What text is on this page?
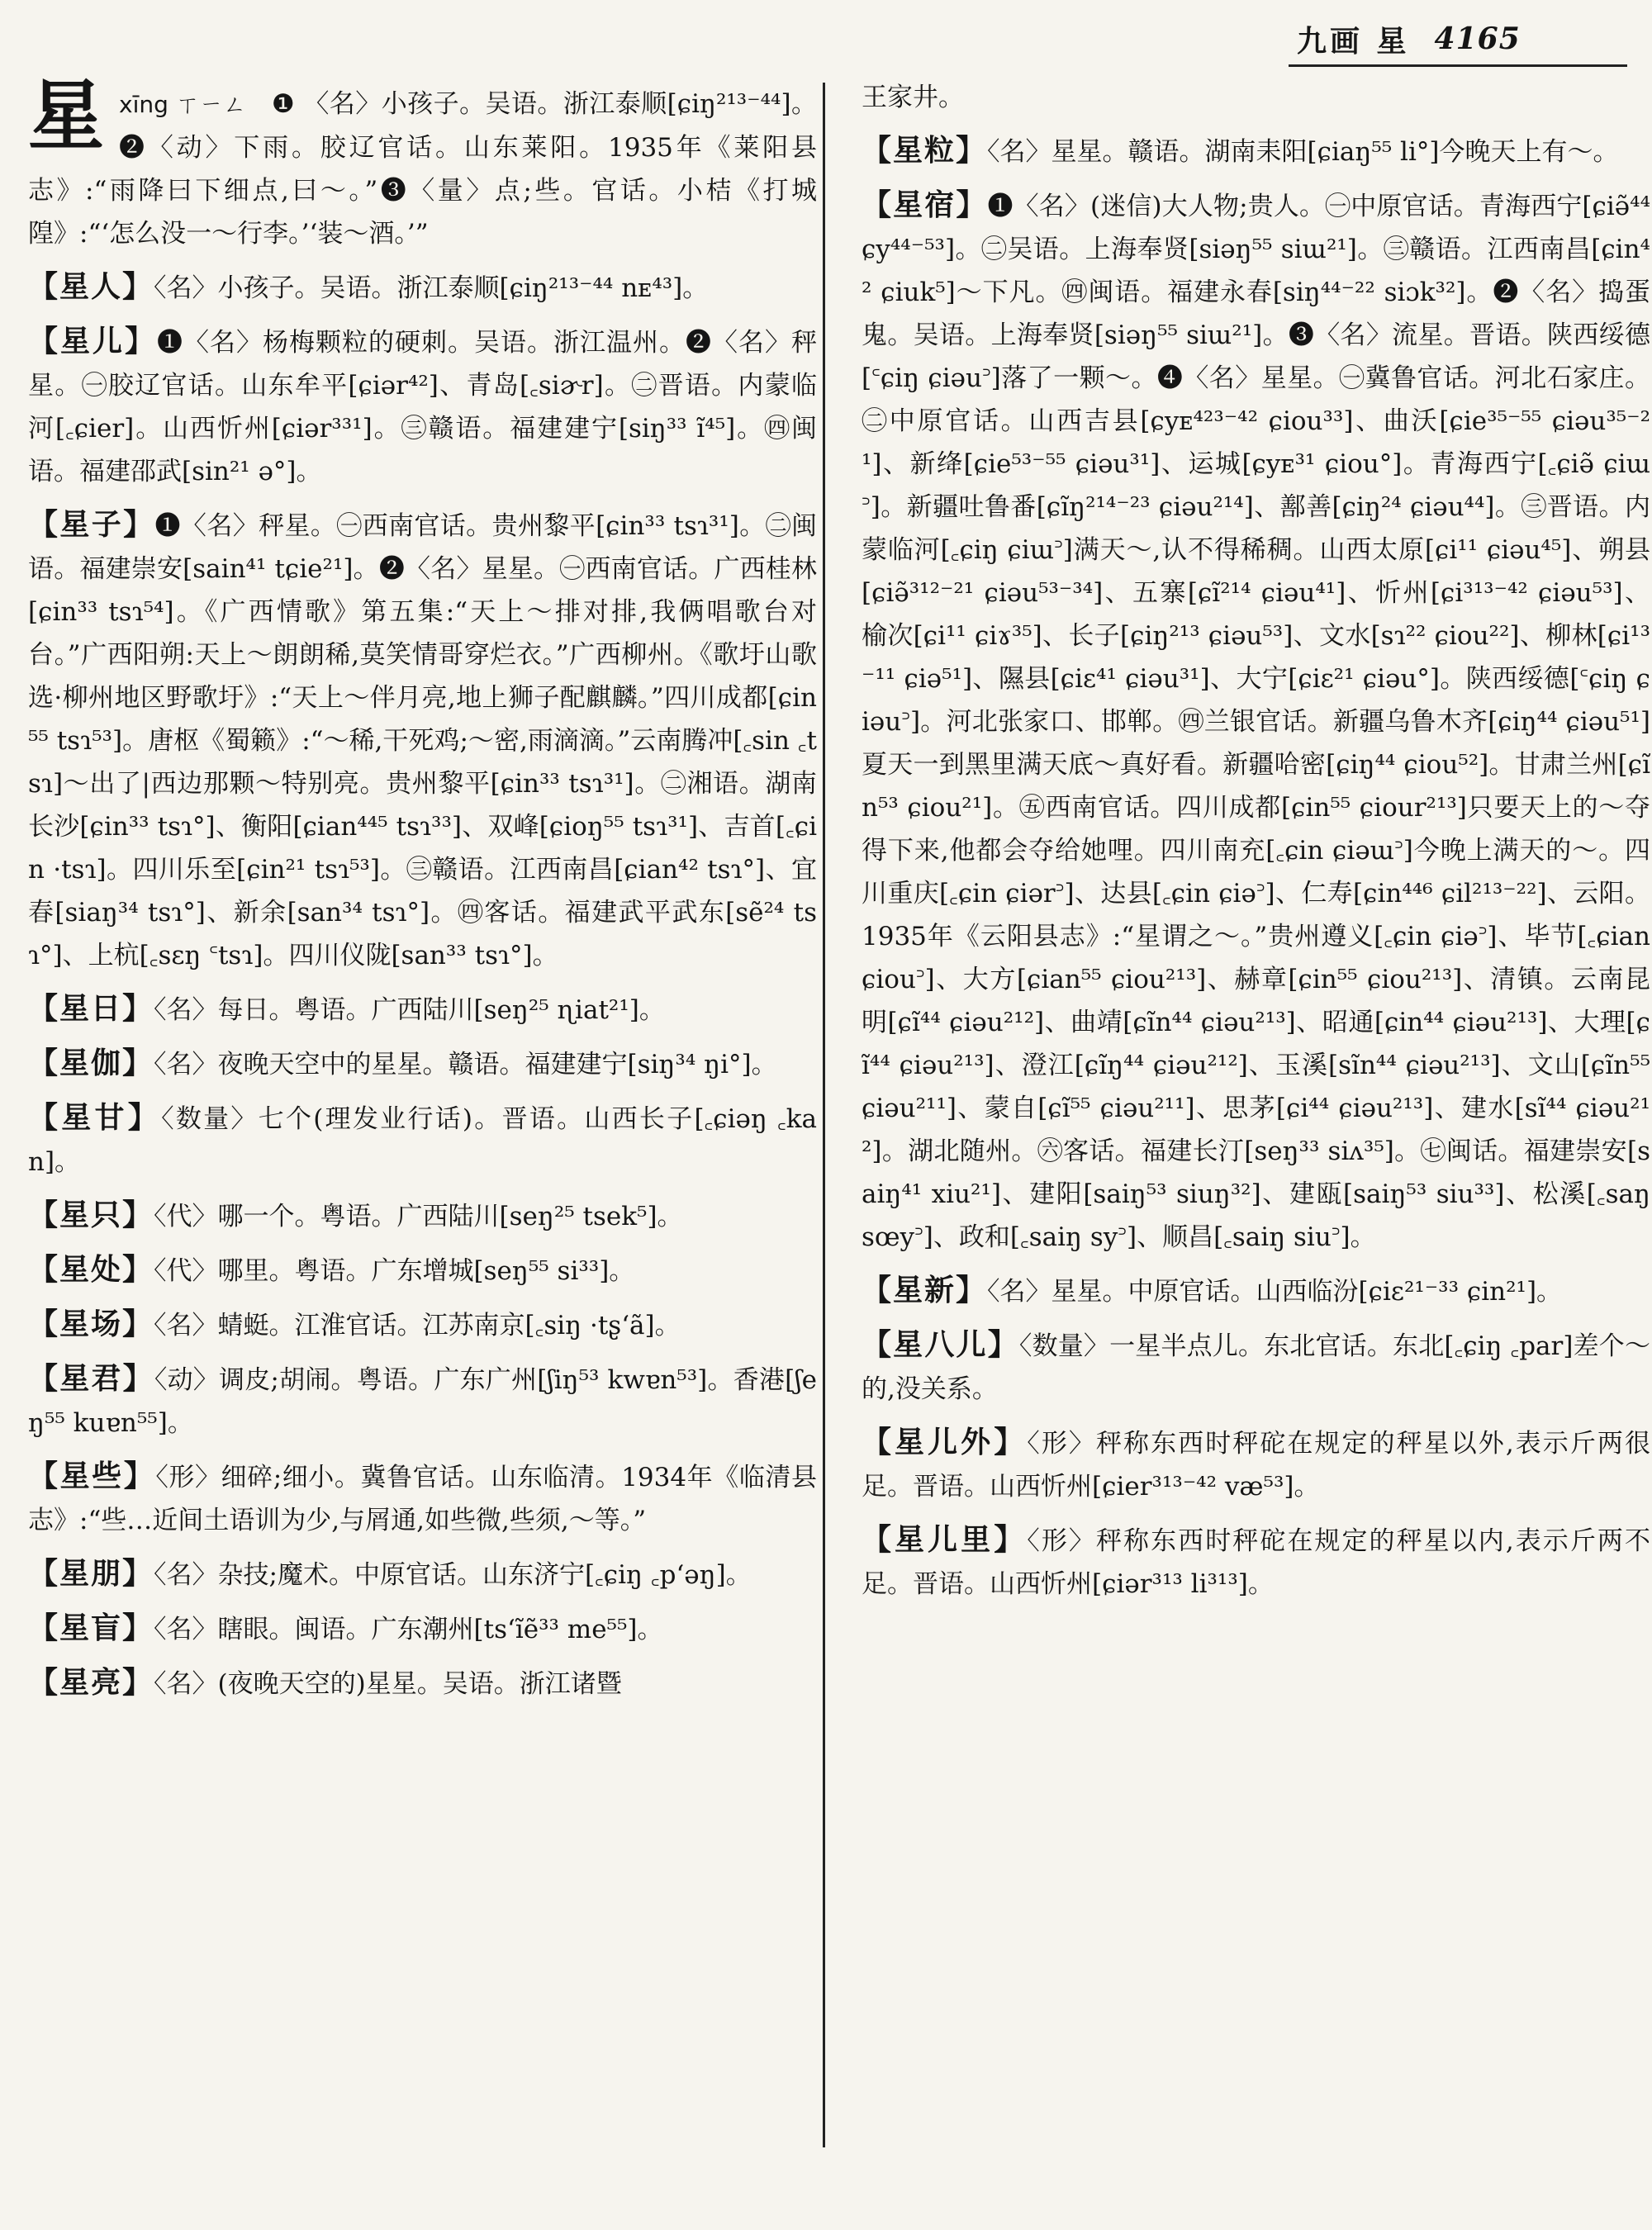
九画 星 4165

星 xīng ㄒㄧㄥ ❶ 〈名〉小孩子。吴语。浙江泰顺[ɕiŋ²¹³⁻⁴⁴]。❷〈动〉下雨。胶辽官话。山东莱阳。1935年《莱阳县志》:“雨降曰下细点,曰～。”❸〈量〉点;些。官话。小桔《打城隍》:“‘怎么没一～行李。’‘装～酒。’”

【星人】〈名〉小孩子。吴语。浙江泰顺[ɕiŋ²¹³⁻⁴⁴ nᴇ⁴³]。

【星儿】❶〈名〉杨梅颗粒的硬刺。吴语。浙江温州。❷〈名〉秤星。㊀胶辽官话。山东牟平[ɕiər⁴²]、青岛[꜀siɚr]。㊁晋语。内蒙临河[꜀ɕier]。山西忻州[ɕiər³³¹]。㊂赣语。福建建宁[siŋ³³ ĩ⁴⁵]。㊃闽语。福建邵武[sin²¹ ə°]。

【星子】❶〈名〉秤星。㊀西南官话。贵州黎平[ɕin³³ tsɿ³¹]。㊁闽语。福建崇安[sain⁴¹ tɕie²¹]。❷〈名〉星星。㊀西南官话。广西桂林[ɕin³³ tsɿ⁵⁴]。《广西情歌》第五集:“天上～排对排,我俩唱歌台对台。”广西阳朔:天上～朗朗稀,莫笑情哥穿烂衣。”广西柳州。《歌圩山歌选·柳州地区野歌圩》:“天上～伴月亮,地上狮子配麒麟。”四川成都[ɕin⁵⁵ tsɿ⁵³]。唐枢《蜀籁》:“～稀,干死鸡;～密,雨滴滴。”云南腾冲[꜀sin ꜀tsɿ]～出了|西边那颗～特别亮。贵州黎平[ɕin³³ tsɿ³¹]。㊁湘语。湖南长沙[ɕin³³ tsɿ°]、衡阳[ɕian⁴⁴⁵ tsɿ³³]、双峰[ɕioŋ⁵⁵ tsɿ³¹]、吉首[꜀ɕin ·tsɿ]。四川乐至[ɕin²¹ tsɿ⁵³]。㊂赣语。江西南昌[ɕian⁴² tsɿ°]、宜春[siaŋ³⁴ tsɿ°]、新余[san³⁴ tsɿ°]。㊃客话。福建武平武东[sẽ²⁴ tsɿ°]、上杭[꜀sɛŋ ꜂tsɿ]。四川仪陇[san³³ tsɿ°]。

【星日】〈名〉每日。粤语。广西陆川[seŋ²⁵ ɳiat²¹]。

【星伽】〈名〉夜晚天空中的星星。赣语。福建建宁[siŋ³⁴ ŋi°]。

【星甘】〈数量〉七个(理发业行话)。晋语。山西长子[꜀ɕiəŋ ꜀kan]。

【星只】〈代〉哪一个。粤语。广西陆川[seŋ²⁵ tsek⁵]。

【星处】〈代〉哪里。粤语。广东增城[seŋ⁵⁵ si³³]。

【星场】〈名〉蜻蜓。江淮官话。江苏南京[꜀siŋ ·tʂ‘ã]。

【星君】〈动〉调皮;胡闹。粤语。广东广州[ʃiŋ⁵³ kwɐn⁵³]。香港[ʃeŋ⁵⁵ kuɐn⁵⁵]。

【星些】〈形〉细碎;细小。冀鲁官话。山东临清。1934年《临清县志》:“些…近间土语训为少,与屑通,如些微,些须,～等。”

【星朋】〈名〉杂技;魔术。中原官话。山东济宁[꜀ɕiŋ ꜀p‘əŋ]。

【星盲】〈名〉瞎眼。闽语。广东潮州[ts‘ĩẽ³³ me⁵⁵]。

【星亮】〈名〉(夜晚天空的)星星。吴语。浙江诸暨

王家井。

【星粒】〈名〉星星。赣语。湖南耒阳[ɕiaŋ⁵⁵ li°]今晚天上有～。

【星宿】❶〈名〉(迷信)大人物;贵人。㊀中原官话。青海西宁[ɕiə̃⁴⁴ ɕy⁴⁴⁻⁵³]。㊁吴语。上海奉贤[siəŋ⁵⁵ siɯ²¹]。㊂赣语。江西南昌[ɕin⁴² ɕiuk⁵]～下凡。㊃闽语。福建永春[siŋ⁴⁴⁻²² siɔk³²]。❷〈名〉捣蛋鬼。吴语。上海奉贤[siəŋ⁵⁵ siɯ²¹]。❸〈名〉流星。晋语。陕西绥德[꜂ɕiŋ ɕiəu꜄]落了一颗～。❹〈名〉星星。㊀冀鲁官话。河北石家庄。㊁中原官话。山西吉县[ɕyᴇ⁴²³⁻⁴² ɕiou³³]、曲沃[ɕie³⁵⁻⁵⁵ ɕiəu³⁵⁻²¹]、新绛[ɕie⁵³⁻⁵⁵ ɕiəu³¹]、运城[ɕyᴇ³¹ ɕiou°]。青海西宁[꜀ɕiə̃ ɕiɯ꜄]。新疆吐鲁番[ɕĩŋ²¹⁴⁻²³ ɕiəu²¹⁴]、鄯善[ɕiŋ²⁴ ɕiəu⁴⁴]。㊂晋语。内蒙临河[꜀ɕiŋ ɕiɯ꜄]满天～,认不得稀稠。山西太原[ɕi¹¹ ɕiəu⁴⁵]、朔县[ɕiə̃³¹²⁻²¹ ɕiəu⁵³⁻³⁴]、五寨[ɕĩ²¹⁴ ɕiəu⁴¹]、忻州[ɕi³¹³⁻⁴² ɕiəu⁵³]、榆次[ɕi¹¹ ɕiɤ³⁵]、长子[ɕiŋ²¹³ ɕiəu⁵³]、文水[sɿ²² ɕiou²²]、柳林[ɕi¹³⁻¹¹ ɕiə⁵¹]、隰县[ɕiɛ⁴¹ ɕiəu³¹]、大宁[ɕiɛ²¹ ɕiəu°]。陕西绥德[꜂ɕiŋ ɕiəu꜄]。河北张家口、邯郸。㊃兰银官话。新疆乌鲁木齐[ɕiŋ⁴⁴ ɕiəu⁵¹]夏天一到黑里满天底～真好看。新疆哈密[ɕiŋ⁴⁴ ɕiou⁵²]。甘肃兰州[ɕĩn⁵³ ɕiou²¹]。㊄西南官话。四川成都[ɕin⁵⁵ ɕiour²¹³]只要天上的～夺得下来,他都会夺给她哩。四川南充[꜀ɕin ɕiəɯ꜄]今晚上满天的～。四川重庆[꜀ɕin ɕiər꜄]、达县[꜀ɕin ɕiə꜄]、仁寿[ɕin⁴⁴⁶ ɕil²¹³⁻²²]、云阳。1935年《云阳县志》:“星谓之～。”贵州遵义[꜀ɕin ɕiə꜄]、毕节[꜀ɕian ɕiou꜄]、大方[ɕian⁵⁵ ɕiou²¹³]、赫章[ɕin⁵⁵ ɕiou²¹³]、清镇。云南昆明[ɕĩ⁴⁴ ɕiəu²¹²]、曲靖[ɕĩn⁴⁴ ɕiəu²¹³]、昭通[ɕin⁴⁴ ɕiəu²¹³]、大理[ɕĩ⁴⁴ ɕiəu²¹³]、澄江[ɕĩŋ⁴⁴ ɕiəu²¹²]、玉溪[sĩn⁴⁴ ɕiəu²¹³]、文山[ɕĩn⁵⁵ ɕiəu²¹¹]、蒙自[ɕĩ⁵⁵ ɕiəu²¹¹]、思茅[ɕi⁴⁴ ɕiəu²¹³]、建水[sĩ⁴⁴ ɕiəu²¹²]。湖北随州。㊅客话。福建长汀[seŋ³³ siʌ³⁵]。㊆闽话。福建崇安[saiŋ⁴¹ xiu²¹]、建阳[saiŋ⁵³ siuŋ³²]、建瓯[saiŋ⁵³ siu³³]、松溪[꜀saŋ sœy꜄]、政和[꜀saiŋ sy꜄]、顺昌[꜀saiŋ siu꜄]。

【星新】〈名〉星星。中原官话。山西临汾[ɕiɛ²¹⁻³³ ɕin²¹]。

【星八儿】〈数量〉一星半点儿。东北官话。东北[꜀ɕiŋ ꜀par]差个～的,没关系。

【星儿外】〈形〉秤称东西时秤砣在规定的秤星以外,表示斤两很足。晋语。山西忻州[ɕier³¹³⁻⁴² væ⁵³]。

【星儿里】〈形〉秤称东西时秤砣在规定的秤星以内,表示斤两不足。晋语。山西忻州[ɕiər³¹³ li³¹³]。
